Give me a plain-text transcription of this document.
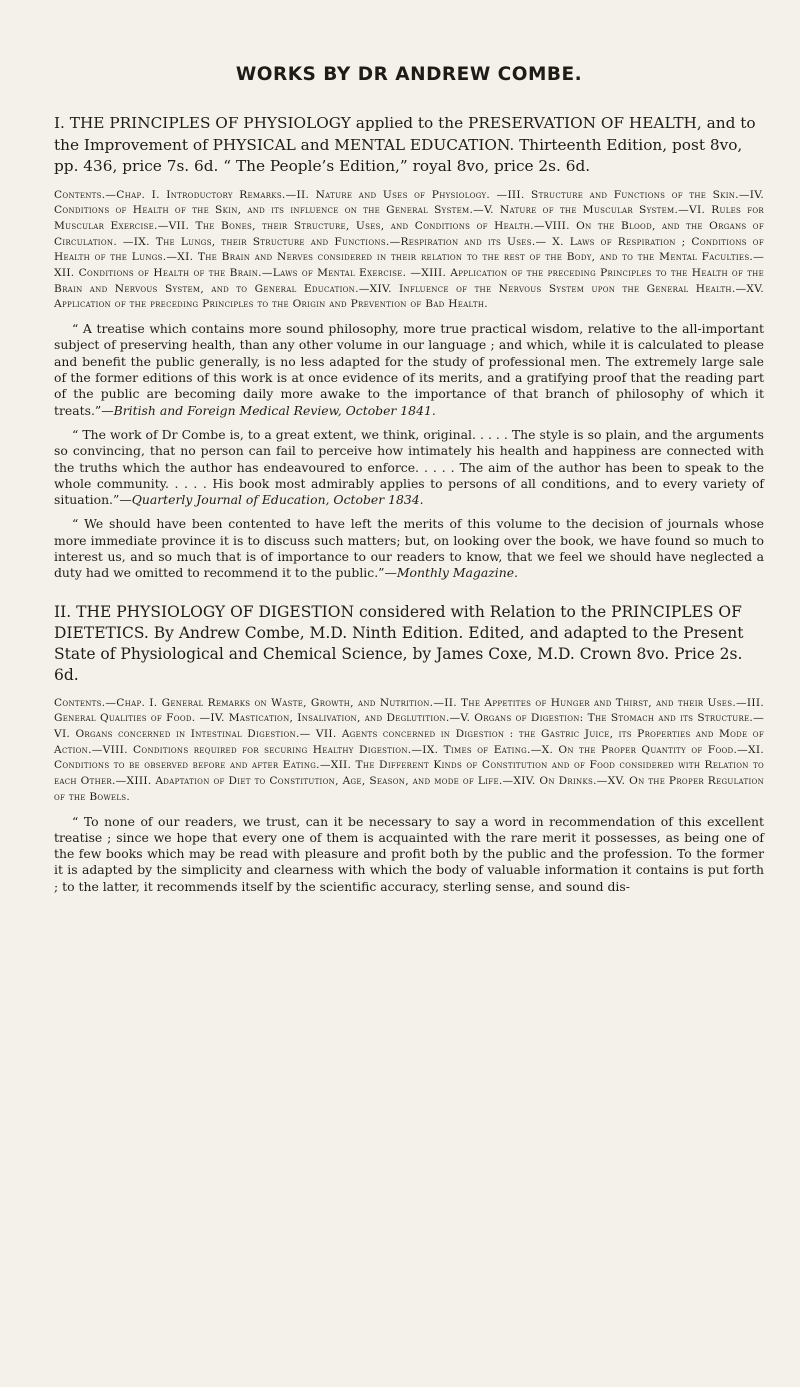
WORKS BY DR ANDREW COMBE.

I. THE PRINCIPLES OF PHYSIOLOGY applied to the PRESERVATION OF HEALTH, and to the Improvement of PHYSICAL and MENTAL EDUCATION. Thirteenth Edition, post 8vo, pp. 436, price 7s. 6d. “ The People’s Edition,” royal 8vo, price 2s. 6d.

Contents.—Chap. I. Introductory Remarks.—II. Nature and Uses of Physiology. —III. Structure and Functions of the Skin.—IV. Conditions of Health of the Skin, and its influence on the General System.—V. Nature of the Muscular System.—VI. Rules for Muscular Exercise.—VII. The Bones, their Structure, Uses, and Conditions of Health.—VIII. On the Blood, and the Organs of Circulation. —IX. The Lungs, their Structure and Functions.—Respiration and its Uses.— X. Laws of Respiration ; Conditions of Health of the Lungs.—XI. The Brain and Nerves considered in their relation to the rest of the Body, and to the Mental Faculties.—XII. Conditions of Health of the Brain.—Laws of Mental Exercise. —XIII. Application of the preceding Principles to the Health of the Brain and Nervous System, and to General Education.—XIV. Influence of the Nervous System upon the General Health.—XV. Application of the preceding Principles to the Origin and Prevention of Bad Health.

“ A treatise which contains more sound philosophy, more true practical wisdom, relative to the all-important subject of preserving health, than any other volume in our language ; and which, while it is calculated to please and benefit the public generally, is no less adapted for the study of professional men. The extremely large sale of the former editions of this work is at once evidence of its merits, and a gratifying proof that the reading part of the public are becoming daily more awake to the importance of that branch of philosophy of which it treats.”—British and Foreign Medical Review, October 1841.

“ The work of Dr Combe is, to a great extent, we think, original. . . . . The style is so plain, and the arguments so convincing, that no person can fail to perceive how intimately his health and happiness are connected with the truths which the author has endeavoured to enforce. . . . . The aim of the author has been to speak to the whole community. . . . . His book most admirably applies to persons of all conditions, and to every variety of situation.”—Quarterly Journal of Education, October 1834.

“ We should have been contented to have left the merits of this volume to the decision of journals whose more immediate province it is to discuss such matters; but, on looking over the book, we have found so much to interest us, and so much that is of importance to our readers to know, that we feel we should have neglected a duty had we omitted to recommend it to the public.”—Monthly Magazine.

II. THE PHYSIOLOGY OF DIGESTION considered with Relation to the PRINCIPLES OF DIETETICS. By Andrew Combe, M.D. Ninth Edition. Edited, and adapted to the Present State of Physiological and Chemical Science, by James Coxe, M.D. Crown 8vo. Price 2s. 6d.

Contents.—Chap. I. General Remarks on Waste, Growth, and Nutrition.—II. The Appetites of Hunger and Thirst, and their Uses.—III. General Qualities of Food. —IV. Mastication, Insalivation, and Deglutition.—V. Organs of Digestion: The Stomach and its Structure.—VI. Organs concerned in Intestinal Digestion.— VII. Agents concerned in Digestion : the Gastric Juice, its Properties and Mode of Action.—VIII. Conditions required for securing Healthy Digestion.—IX. Times of Eating.—X. On the Proper Quantity of Food.—XI. Conditions to be observed before and after Eating.—XII. The Different Kinds of Constitution and of Food considered with Relation to each Other.—XIII. Adaptation of Diet to Constitution, Age, Season, and mode of Life.—XIV. On Drinks.—XV. On the Proper Regulation of the Bowels.

“ To none of our readers, we trust, can it be necessary to say a word in recommendation of this excellent treatise ; since we hope that every one of them is acquainted with the rare merit it possesses, as being one of the few books which may be read with pleasure and profit both by the public and the profession. To the former it is adapted by the simplicity and clearness with which the body of valuable information it contains is put forth ; to the latter, it recommends itself by the scientific accuracy, sterling sense, and sound dis-
